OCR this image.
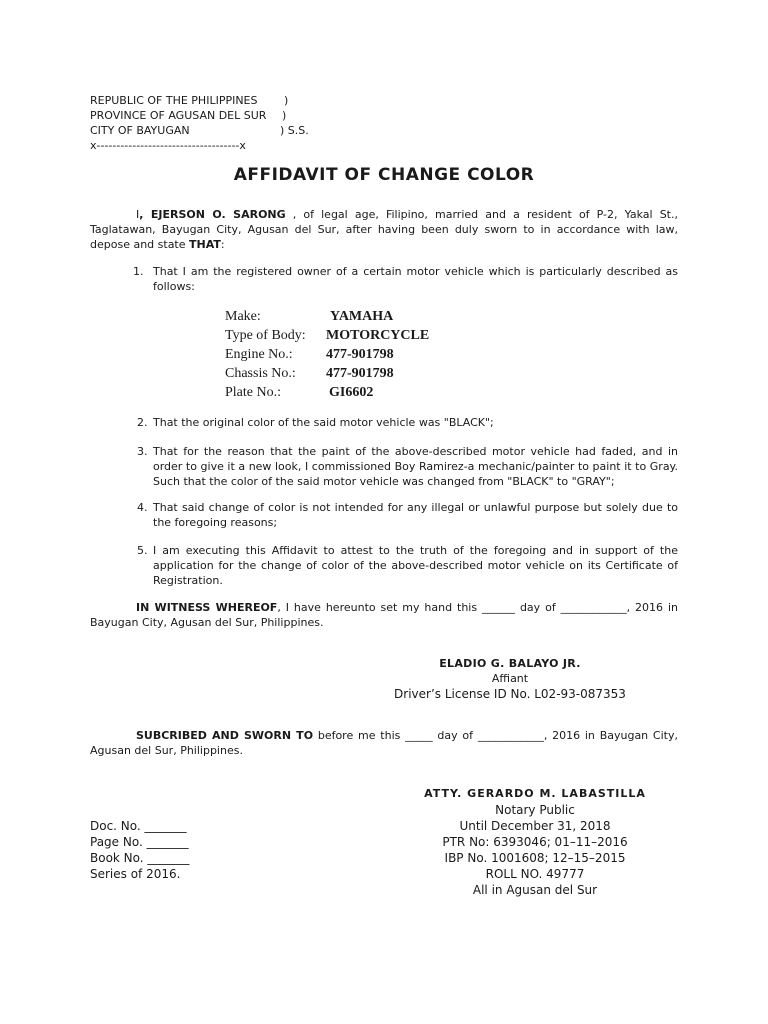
REPUBLIC OF THE PHILIPPINES )
PROVINCE OF AGUSAN DEL SUR )
CITY OF BAYUGAN	) S.S.
x------------------------------------x
AFFIDAVIT OF CHANGE COLOR
I, EJERSON O. SARONG , of legal age, Filipino, married and a resident of P-2, Yakal St., Taglatawan, Bayugan City, Agusan del Sur, after having been duly sworn to in accordance with law, depose and state THAT:
1. That I am the registered owner of a certain motor vehicle which is particularly described as follows:
Make:	YAMAHA
Type of Body: MOTORCYCLE
Engine No.: 477-901798
Chassis No.: 477-901798
Plate No.:	GI6602
2. That the original color of the said motor vehicle was "BLACK";
3. That for the reason that the paint of the above-described motor vehicle had faded, and in order to give it a new look, I commissioned Boy Ramirez-a mechanic/painter to paint it to Gray. Such that the color of the said motor vehicle was changed from "BLACK" to "GRAY";
4. That said change of color is not intended for any illegal or unlawful purpose but solely due to the foregoing reasons;
5. I am executing this Affidavit to attest to the truth of the foregoing and in support of the application for the change of color of the above-described motor vehicle on its Certificate of Registration.
IN WITNESS WHEREOF, I have hereunto set my hand this ______ day of ____________, 2016 in Bayugan City, Agusan del Sur, Philippines.
ELADIO G. BALAYO JR.
Affiant
Driver’s License ID No. L02-93-087353
SUBCRIBED AND SWORN TO before me this _____ day of ____________, 2016 in Bayugan City, Agusan del Sur, Philippines.
ATTY. GERARDO M. LABASTILLA
Notary Public
Until December 31, 2018
PTR No: 6393046; 01–11–2016
IBP No. 1001608; 12–15–2015
ROLL NO. 49777
All in Agusan del Sur
Doc. No. _______
Page No. _______
Book No. _______
Series of 2016.
